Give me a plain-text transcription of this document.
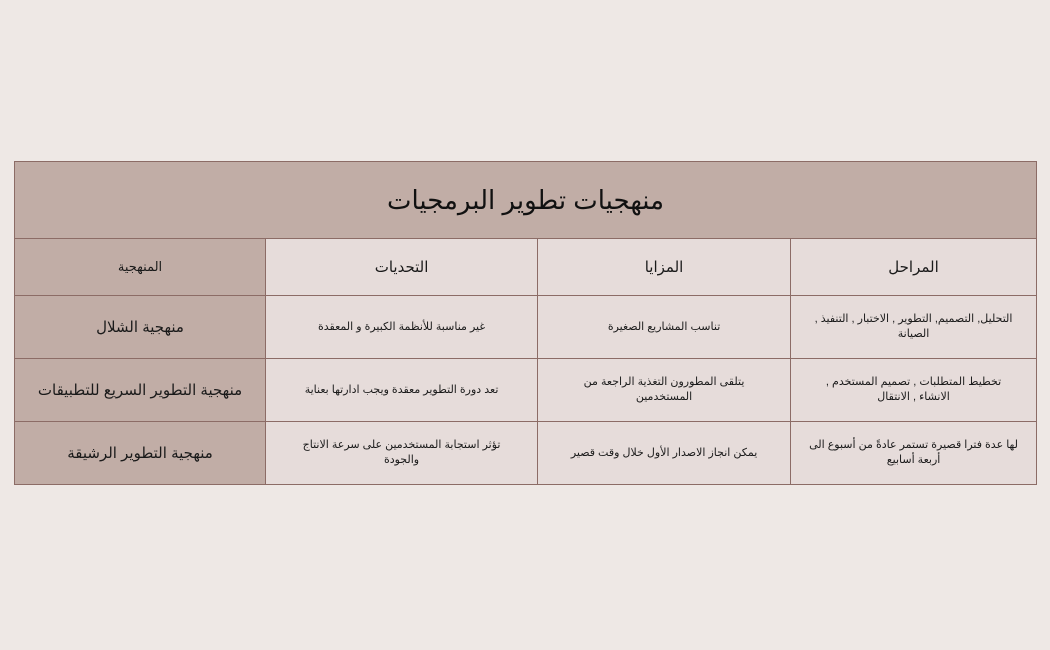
منهجيات تطوير البرمجيات			
المراحل	المزايا	التحديات	المنهجية
التحليل, التصميم, التطوير , الاختبار , التنفيذ , الصيانة	تناسب المشاريع الصغيرة	غير مناسبة للأنظمة الكبيرة و المعقدة	منهجية الشلال
تخطيط المتطلبات , تصميم المستخدم , الانشاء , الانتقال	يتلقى المطورون التغذية الراجعة من المستخدمين	تعد دورة التطوير معقدة ويجب ادارتها بعناية	منهجية التطوير السريع للتطبيقات
لها عدة فترا قصيرة تستمر عادةً من أسبوع الى أربعة أسابيع	يمكن انجاز الاصدار الأول خلال وقت قصير	تؤثر استجابة المستخدمين على سرعة الانتاج والجودة	منهجية التطوير الرشيقة
